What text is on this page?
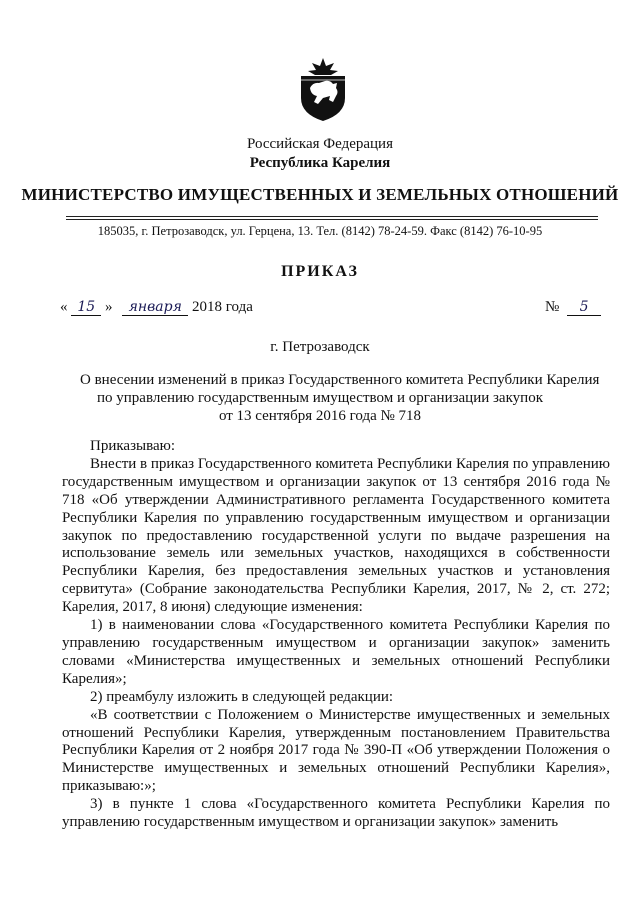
Российская Федерация
Республика Карелия
МИНИСТЕРСТВО ИМУЩЕСТВЕННЫХ И ЗЕМЕЛЬНЫХ ОТНОШЕНИЙ
185035, г. Петрозаводск, ул. Герцена, 13. Тел. (8142) 78-24-59. Факс (8142) 76-10-95
ПРИКАЗ
« 15 » января 2018 года	№ 5
г. Петрозаводск
О внесении изменений в приказ Государственного комитета Республики Карелия
по управлению государственным имуществом и организации закупок
от 13 сентября 2016 года № 718

Приказываю:

Внести в приказ Государственного комитета Республики Карелия по управлению государственным имуществом и организации закупок от 13 сентября 2016 года № 718 «Об утверждении Административного регламента Государственного комитета Республики Карелия по управлению государственным имуществом и организации закупок по предоставлению государственной услуги по выдаче разрешения на использование земель или земельных участков, находящихся в собственности Республики Карелия, без предоставления земельных участков и установления сервитута» (Собрание законодательства Республики Карелия, 2017, № 2, ст. 272; Карелия, 2017, 8 июня) следующие изменения:

1) в наименовании слова «Государственного комитета Республики Карелия по управлению государственным имуществом и организации закупок» заменить словами «Министерства имущественных и земельных отношений Республики Карелия»;

2) преамбулу изложить в следующей редакции:

«В соответствии с Положением о Министерстве имущественных и земельных отношений Республики Карелия, утвержденным постановлением Правительства Республики Карелия от 2 ноября 2017 года № 390-П «Об утверждении Положения о Министерстве имущественных и земельных отношений Республики Карелия», приказываю:»;

3) в пункте 1 слова «Государственного комитета Республики Карелия по управлению государственным имуществом и организации закупок» заменить
